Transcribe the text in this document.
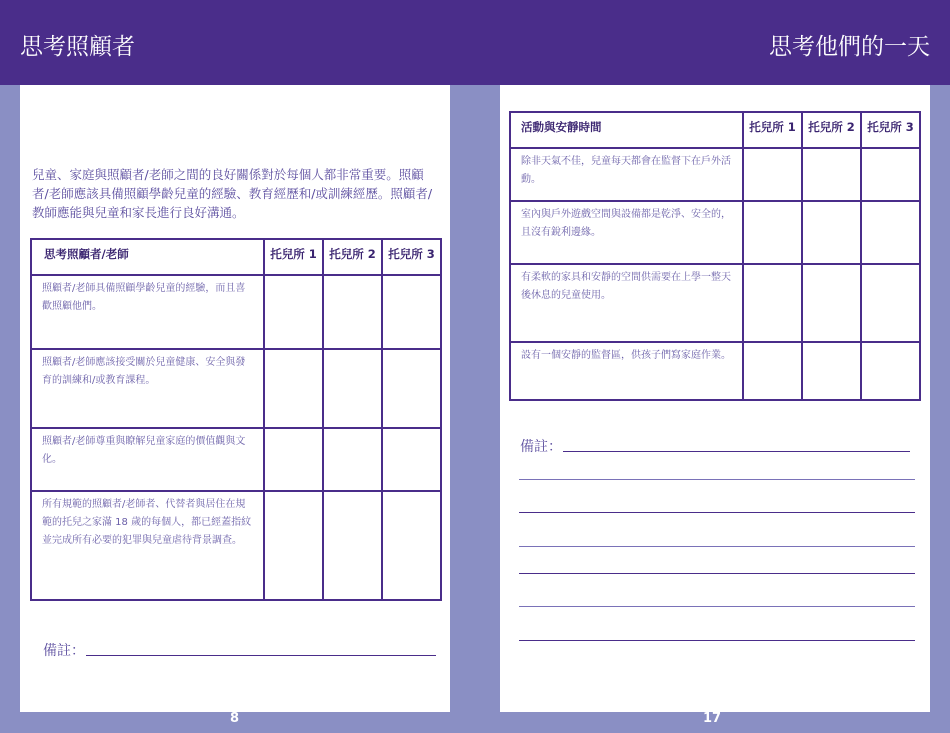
思考照顧者	思考他們的一天
兒童、家庭與照顧者/老師之間的良好關係對於每個人都非常重要。照顧者/老師應該具備照顧學齡兒童的經驗、教育經歷和/或訓練經歷。照顧者/教師應能與兒童和家長進行良好溝通。
思考照顧者/老師	托兒所 1	托兒所 2	托兒所 3
照顧者/老師具備照顧學齡兒童的經驗，而且喜歡照顧他們。			
照顧者/老師應該接受關於兒童健康、安全與發育的訓練和/或教育課程。			
照顧者/老師尊重與瞭解兒童家庭的價值觀與文化。			
所有規範的照顧者/老師者、代替者與居住在規範的托兒之家滿 18 歲的每個人，都已經蓋指紋並完成所有必要的犯罪與兒童虐待背景調查。			
備註：
8
活動與安靜時間	托兒所 1	托兒所 2	托兒所 3
除非天氣不佳，兒童每天都會在監督下在戶外活動。			
室內與戶外遊戲空間與設備都是乾淨、安全的，且沒有銳利邊緣。			
有柔軟的家具和安靜的空間供需要在上學一整天後休息的兒童使用。			
設有一個安靜的監督區，供孩子們寫家庭作業。			
備註：
17
